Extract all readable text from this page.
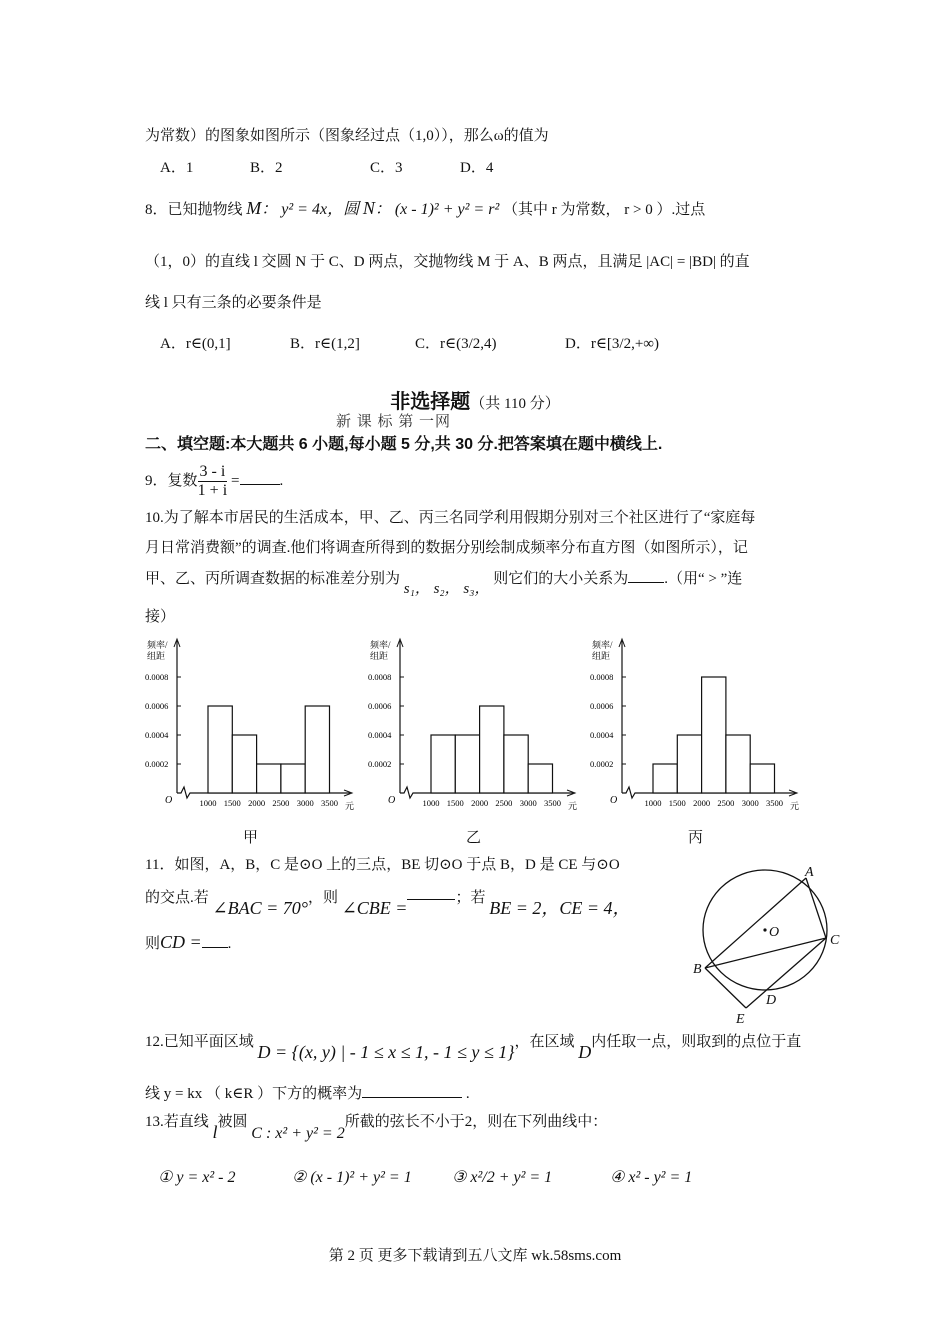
为常数）的图象如图所示（图象经过点（1,0）），那么ω的值为
A．1	B．2	C．3	D．4
8．已知抛物线 M： y² = 4x，圆 N： (x - 1)² + y² = r² （其中 r 为常数， r > 0 ）.过点
（1，0）的直线 l 交圆 N 于 C、D 两点，交抛物线 M 于 A、B 两点，且满足 |AC| = |BD| 的直
线 l 只有三条的必要条件是
A．r∈(0,1]	B．r∈(1,2]	C．r∈(3/2,4)	D．r∈[3/2,+∞)
非选择题（共 110 分）
新 课 标 第 一网
二、填空题:本大题共 6 小题,每小题 5 分,共 30 分.把答案填在题中横线上.
9．复数 $\frac{3 - i}{1 + i}$ =	.
10.为了解本市居民的生活成本，甲、乙、丙三名同学利用假期分别对三个社区进行了“家庭每
月日常消费额”的调查.他们将调查所得到的数据分别绘制成频率分布直方图（如图所示），记
甲、乙、丙所调查数据的标准差分别为 s₁， s₂， s₃， 则它们的大小关系为 .（用“ > ”连
接）
0.0002
0.0004
0.0006
0.0008
1000 1500 2000 2500 3000 3500
O	元
0.0002
0.0004
0.0006
0.0008
1000 1500 2000 2500 3000 3500
O	元
0.0002
0.0004
0.0006
0.0008
1000 1500 2000 2500 3000 3500
O	元
频率/组距
频率/组距
频率/组距
甲	乙	丙
11．如图，A，B，C 是⊙O 上的三点，BE 切⊙O 于点 B，D 是 CE 与⊙O
的交点.若 ∠BAC = 70°，则 ∠CBE =	；若 BE = 2，CE = 4，
则CD = .
A
C
B
D
E
O
12.已知平面区域 D = {(x, y) | - 1 ≤ x ≤ 1, - 1 ≤ y ≤ 1}，在区域 D内任取一点，则取到的点位于直
线 y = kx （ k∈R ）下方的概率为	.
13.若直线 l被圆 C : x² + y² = 2所截的弦长不小于2，则在下列曲线中：
① y = x² - 2	② (x - 1)² + y² = 1	③ x²/2 + y² = 1	④ x² - y² = 1
第 2 页 更多下载请到五八文库 wk.58sms.com
